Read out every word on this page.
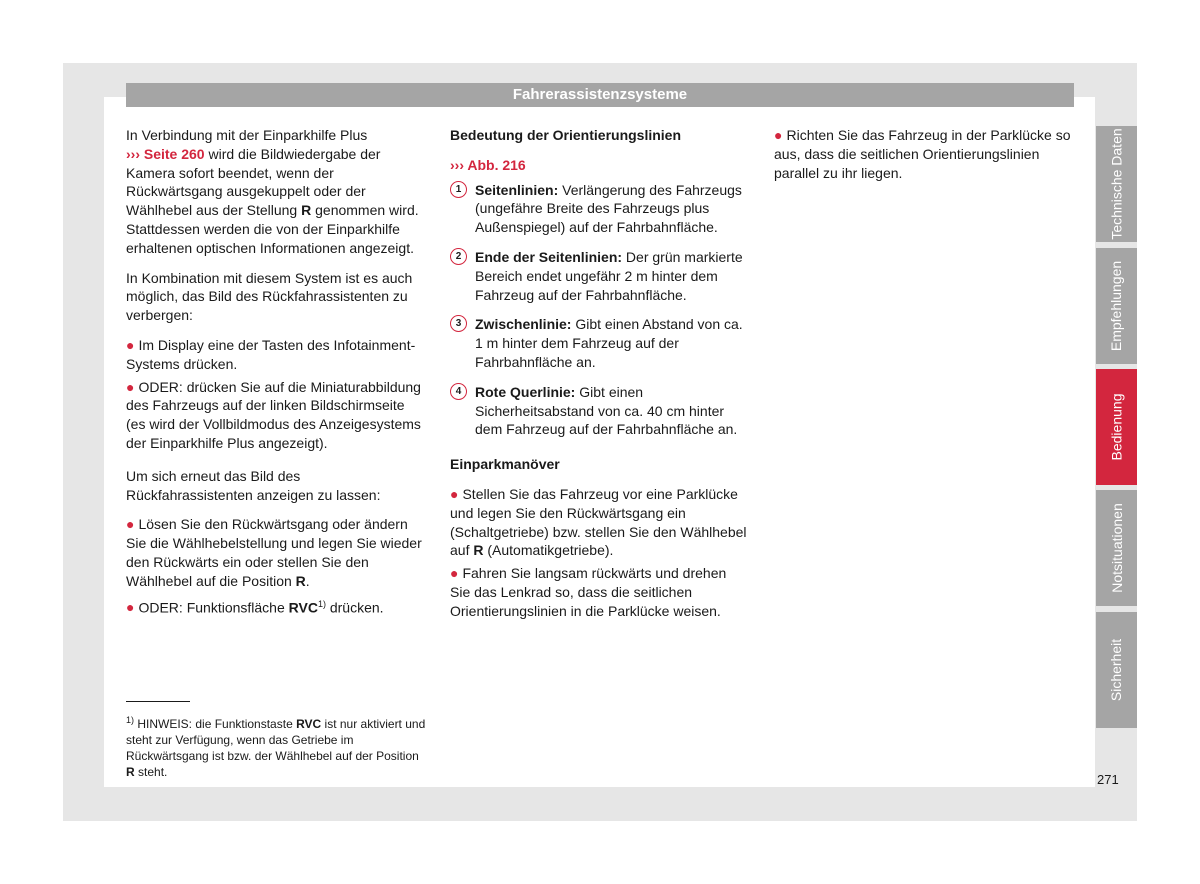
Fahrerassistenzsysteme

In Verbindung mit der Einparkhilfe Plus
››› Seite 260 wird die Bildwiedergabe der Kamera sofort beendet, wenn der Rückwärtsgang ausgekuppelt oder der Wählhebel aus der Stellung R genommen wird. Stattdessen werden die von der Einparkhilfe erhaltenen optischen Informationen angezeigt.

In Kombination mit diesem System ist es auch möglich, das Bild des Rückfahrassistenten zu verbergen:

● Im Display eine der Tasten des Infotainment-Systems drücken.

● ODER: drücken Sie auf die Miniaturabbildung des Fahrzeugs auf der linken Bildschirmseite (es wird der Vollbildmodus des Anzeigesystems der Einparkhilfe Plus angezeigt).

Um sich erneut das Bild des Rückfahrassistenten anzeigen zu lassen:

● Lösen Sie den Rückwärtsgang oder ändern Sie die Wählhebelstellung und legen Sie wieder den Rückwärts ein oder stellen Sie den Wählhebel auf die Position R.

● ODER: Funktionsfläche RVC$^{1)}$ drücken.

Bedeutung der Orientierungslinien

››› Abb. 216

1 Seitenlinien: Verlängerung des Fahrzeugs (ungefähre Breite des Fahrzeugs plus Außenspiegel) auf der Fahrbahnfläche.

2 Ende der Seitenlinien: Der grün markierte Bereich endet ungefähr 2 m hinter dem Fahrzeug auf der Fahrbahnfläche.

3 Zwischenlinie: Gibt einen Abstand von ca. 1 m hinter dem Fahrzeug auf der Fahrbahnfläche an.

4 Rote Querlinie: Gibt einen Sicherheitsabstand von ca. 40 cm hinter dem Fahrzeug auf der Fahrbahnfläche an.

Einparkmanöver

● Stellen Sie das Fahrzeug vor eine Parklücke und legen Sie den Rückwärtsgang ein (Schaltgetriebe) bzw. stellen Sie den Wählhebel auf R (Automatikgetriebe).

● Fahren Sie langsam rückwärts und drehen Sie das Lenkrad so, dass die seitlichen Orientierungslinien in die Parklücke weisen.

● Richten Sie das Fahrzeug in der Parklücke so aus, dass die seitlichen Orientierungslinien parallel zu ihr liegen.

$^{1)}$ HINWEIS: die Funktionstaste RVC ist nur aktiviert und steht zur Verfügung, wenn das Getriebe im Rückwärtsgang ist bzw. der Wählhebel auf der Position R steht.
Technische Daten
Empfehlungen
Bedienung
Notsituationen
Sicherheit
271
